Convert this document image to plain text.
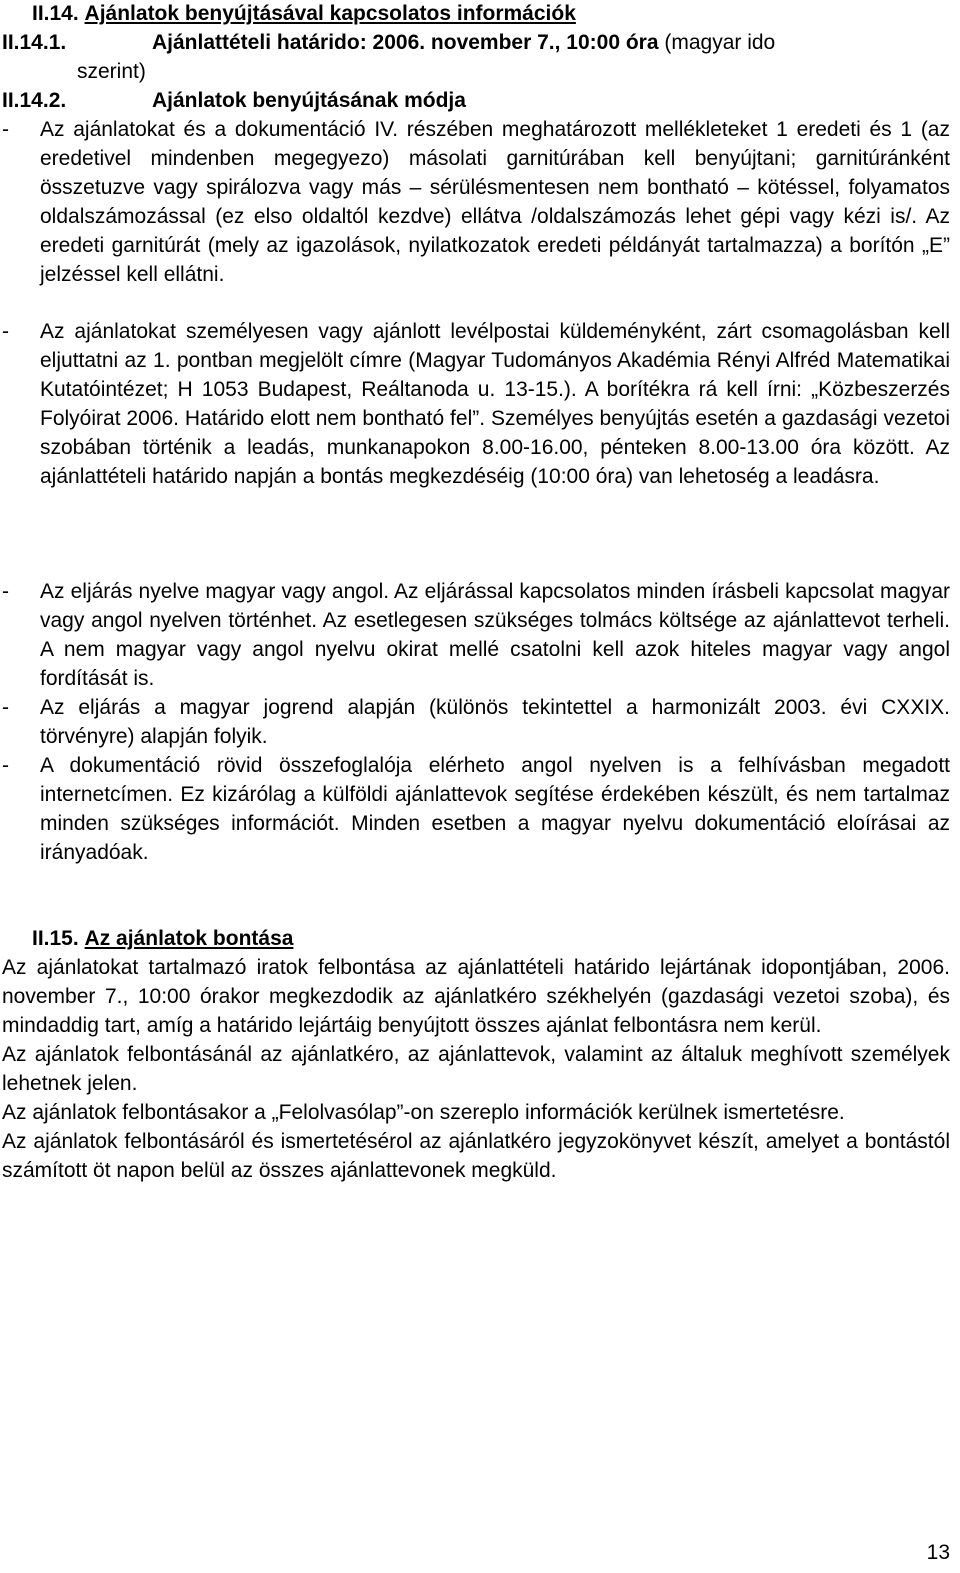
II.14. Ajánlatok benyújtásával kapcsolatos információk
II.14.1.	Ajánlattételi határido: 2006. november 7., 10:00 óra (magyar ido
szerint)
II.14.2.	Ajánlatok benyújtásának módja
- Az ajánlatokat és a dokumentáció IV. részében meghatározott mellékleteket 1 eredeti és 1 (az eredetivel mindenben megegyezo) másolati garnitúrában kell benyújtani; garnitúránként összetuzve vagy spirálozva vagy más – sérülésmentesen nem bontható – kötéssel, folyamatos oldalszámozással (ez elso oldaltól kezdve) ellátva /oldalszámozás lehet gépi vagy kézi is/. Az eredeti garnitúrát (mely az igazolások, nyilatkozatok eredeti példányát tartalmazza) a borítón „E” jelzéssel kell ellátni.
- Az ajánlatokat személyesen vagy ajánlott levélpostai küldeményként, zárt csomagolásban kell eljuttatni az 1. pontban megjelölt címre (Magyar Tudományos Akadémia Rényi Alfréd Matematikai Kutatóintézet; H 1053 Budapest, Reáltanoda u. 13-15.). A borítékra rá kell írni: „Közbeszerzés Folyóirat 2006. Határido elott nem bontható fel”. Személyes benyújtás esetén a gazdasági vezetoi szobában történik a leadás, munkanapokon 8.00-16.00, pénteken 8.00-13.00 óra között. Az ajánlattételi határido napján a bontás megkezdéséig (10:00 óra) van lehetoség a leadásra.
- Az eljárás nyelve magyar vagy angol. Az eljárással kapcsolatos minden írásbeli kapcsolat magyar vagy angol nyelven történhet. Az esetlegesen szükséges tolmács költsége az ajánlattevot terheli. A nem magyar vagy angol nyelvu okirat mellé csatolni kell azok hiteles magyar vagy angol fordítását is.
- Az eljárás a magyar jogrend alapján (különös tekintettel a harmonizált 2003. évi CXXIX. törvényre) alapján folyik.
- A dokumentáció rövid összefoglalója elérheto angol nyelven is a felhívásban megadott internetcímen. Ez kizárólag a külföldi ajánlattevok segítése érdekében készült, és nem tartalmaz minden szükséges információt. Minden esetben a magyar nyelvu dokumentáció eloírásai az irányadóak.
II.15. Az ajánlatok bontása

Az ajánlatokat tartalmazó iratok felbontása az ajánlattételi határido lejártának idopontjában, 2006. november 7., 10:00 órakor megkezdodik az ajánlatkéro székhelyén (gazdasági vezetoi szoba), és mindaddig tart, amíg a határido lejártáig benyújtott összes ajánlat felbontásra nem kerül.

Az ajánlatok felbontásánál az ajánlatkéro, az ajánlattevok, valamint az általuk meghívott személyek lehetnek jelen.

Az ajánlatok felbontásakor a „Felolvasólap”-on szereplo információk kerülnek ismertetésre.

Az ajánlatok felbontásáról és ismertetésérol az ajánlatkéro jegyzokönyvet készít, amelyet a bontástól számított öt napon belül az összes ajánlattevonek megküld.

13
